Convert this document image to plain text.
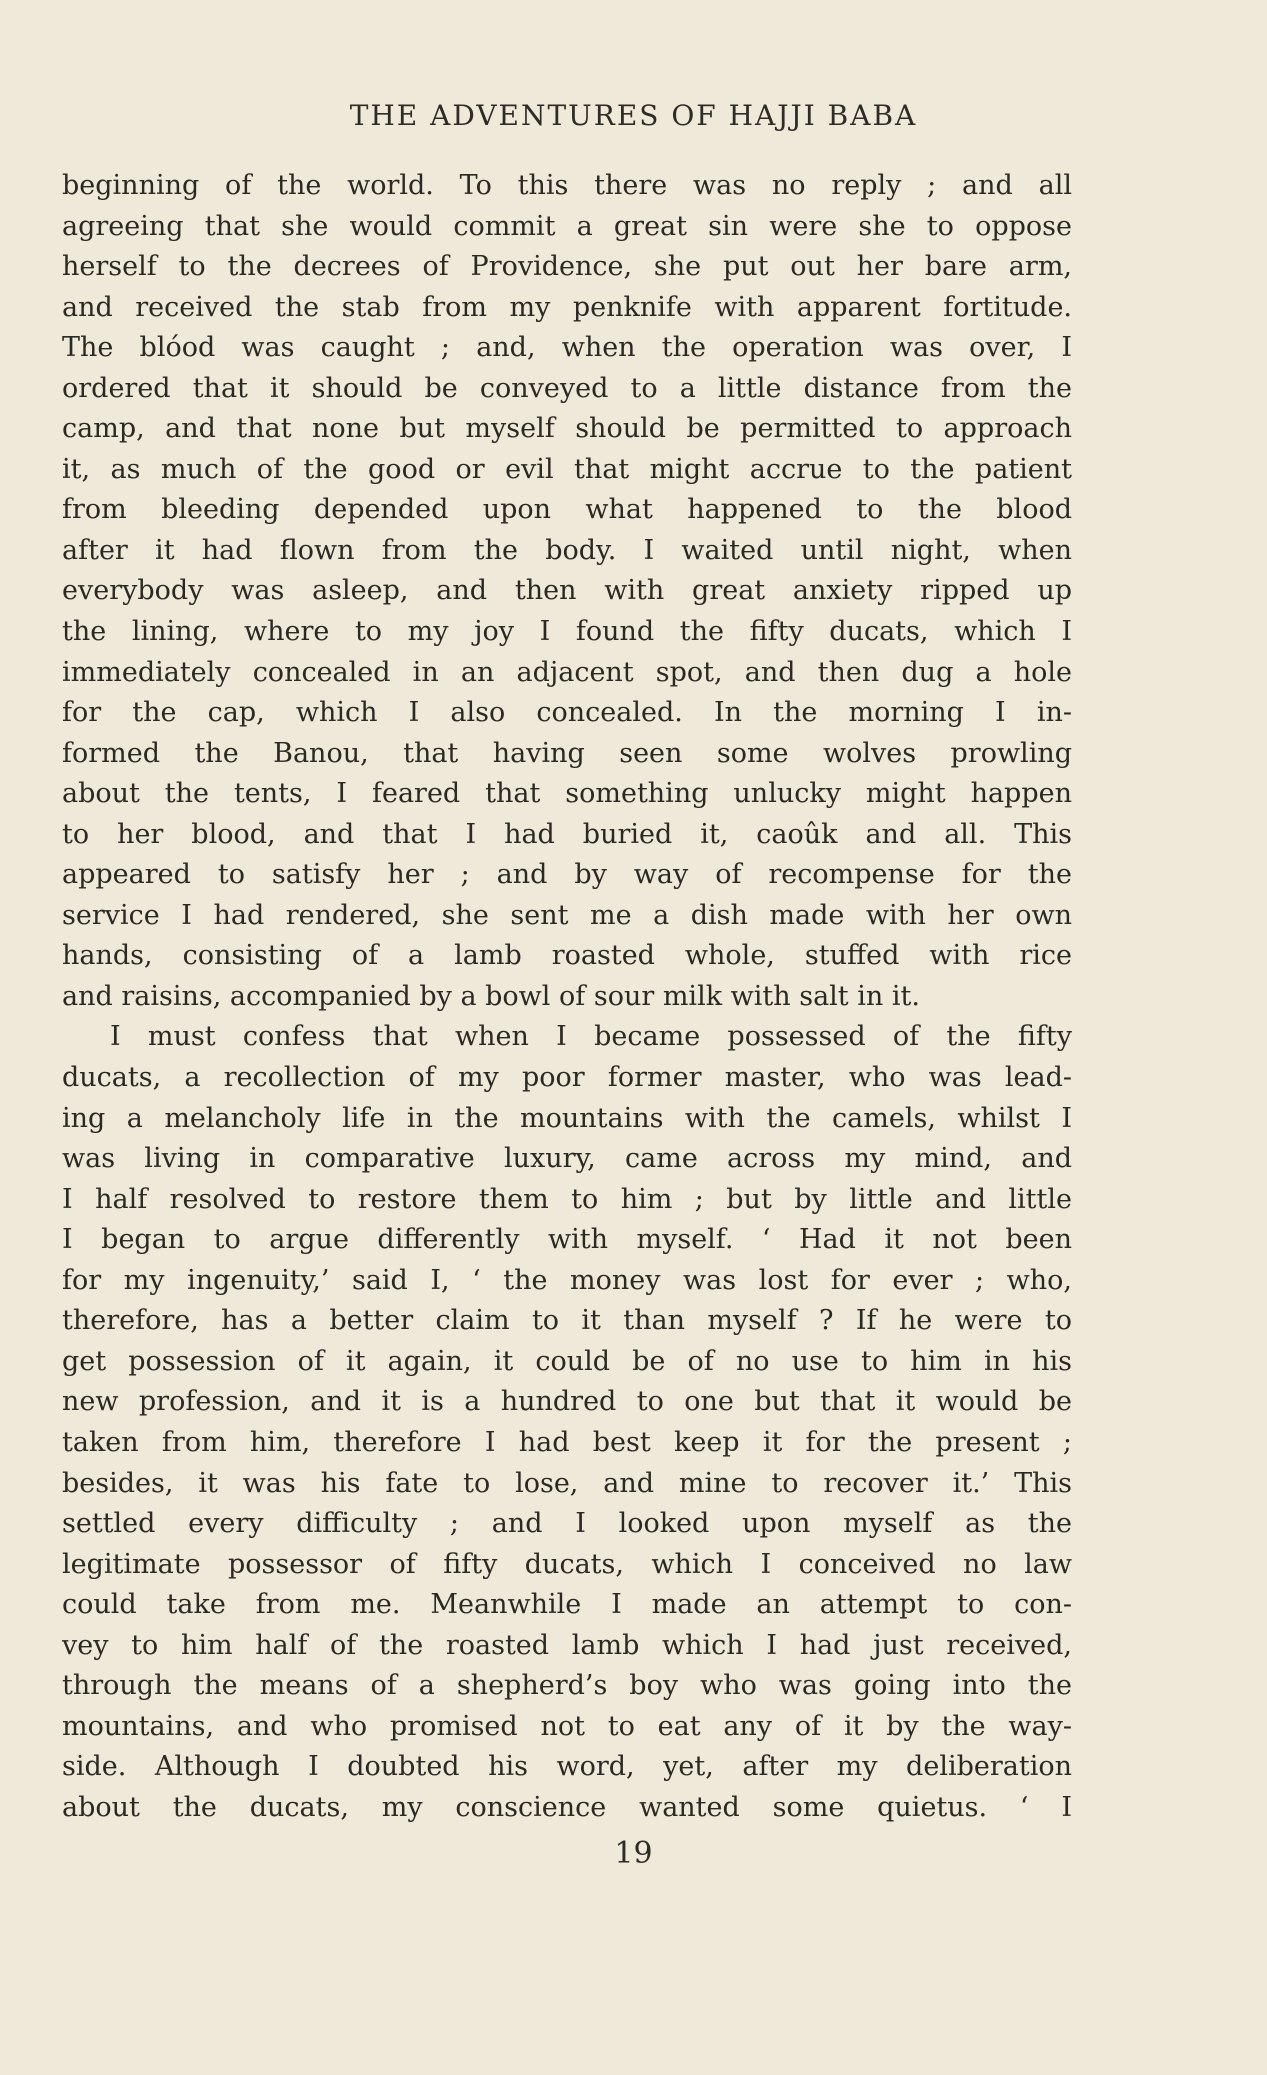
THE ADVENTURES OF HAJJI BABA
beginning of the world. To this there was no reply ; and all
agreeing that she would commit a great sin were she to oppose
herself to the decrees of Providence, she put out her bare arm,
and received the stab from my penknife with apparent fortitude.
The blóod was caught ; and, when the operation was over, I
ordered that it should be conveyed to a little distance from the
camp, and that none but myself should be permitted to approach
it, as much of the good or evil that might accrue to the patient
from bleeding depended upon what happened to the blood
after it had flown from the body. I waited until night, when
everybody was asleep, and then with great anxiety ripped up
the lining, where to my joy I found the fifty ducats, which I
immediately concealed in an adjacent spot, and then dug a hole
for the cap, which I also concealed. In the morning I in-
formed the Banou, that having seen some wolves prowling
about the tents, I feared that something unlucky might happen
to her blood, and that I had buried it, caoûk and all. This
appeared to satisfy her ; and by way of recompense for the
service I had rendered, she sent me a dish made with her own
hands, consisting of a lamb roasted whole, stuffed with rice
and raisins, accompanied by a bowl of sour milk with salt in it.
I must confess that when I became possessed of the fifty
ducats, a recollection of my poor former master, who was lead-
ing a melancholy life in the mountains with the camels, whilst I
was living in comparative luxury, came across my mind, and
I half resolved to restore them to him ; but by little and little
I began to argue differently with myself. ‘ Had it not been
for my ingenuity,’ said I, ‘ the money was lost for ever ; who,
therefore, has a better claim to it than myself ? If he were to
get possession of it again, it could be of no use to him in his
new profession, and it is a hundred to one but that it would be
taken from him, therefore I had best keep it for the present ;
besides, it was his fate to lose, and mine to recover it.’ This
settled every difficulty ; and I looked upon myself as the
legitimate possessor of fifty ducats, which I conceived no law
could take from me. Meanwhile I made an attempt to con-
vey to him half of the roasted lamb which I had just received,
through the means of a shepherd’s boy who was going into the
mountains, and who promised not to eat any of it by the way-
side. Although I doubted his word, yet, after my deliberation
about the ducats, my conscience wanted some quietus. ‘ I
19
